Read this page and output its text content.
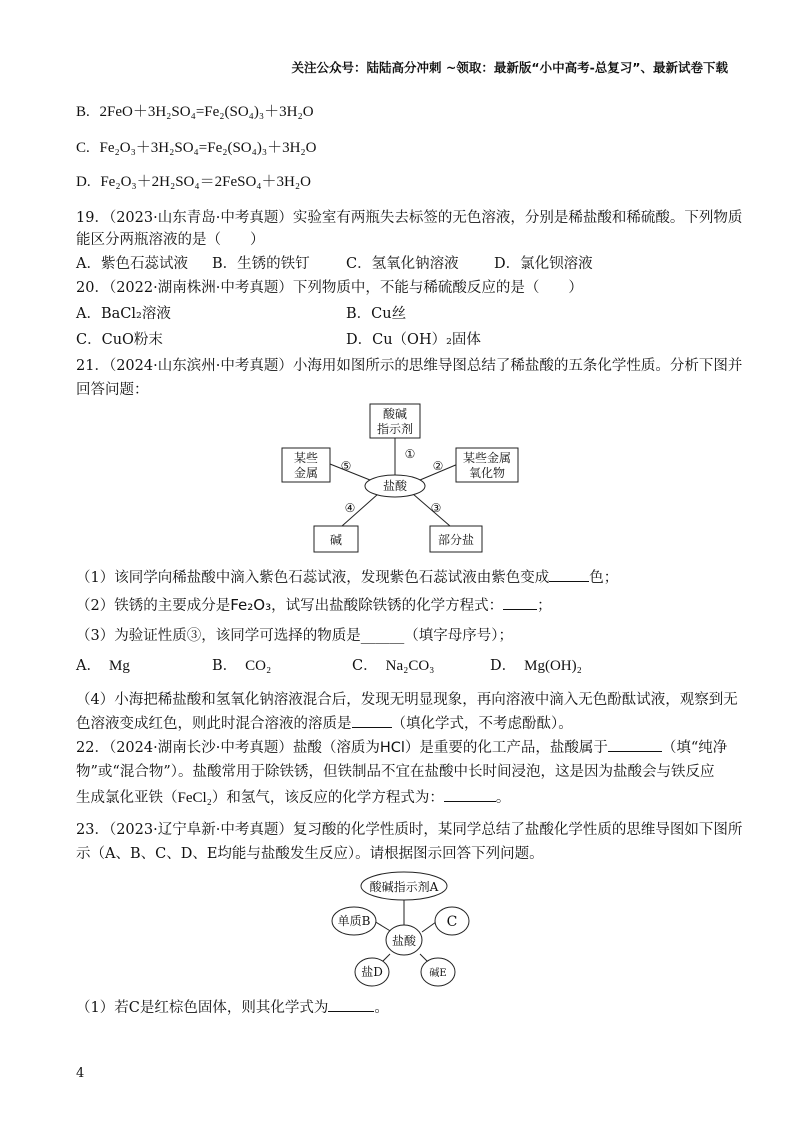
关注公众号：陆陆高分冲刺 ~领取：最新版“小中高考-总复习”、最新试卷下载
B. 2FeO＋3H₂SO₄=Fe₂(SO₄)₃＋3H₂O
C. Fe₂O₃＋3H₂SO₄=Fe₂(SO₄)₃＋3H₂O
D. Fe₂O₃＋2H₂SO₄＝2FeSO₄＋3H₂O
19．（2023·山东青岛·中考真题）实验室有两瓶失去标签的无色溶液，分别是稀盐酸和稀硫酸。下列物质
能区分两瓶溶液的是（　　）
A．紫色石蕊试液 B．生锈的铁钉	C．氢氧化钠溶液 D．氯化钡溶液
20．（2022·湖南株洲·中考真题）下列物质中，不能与稀硫酸反应的是（　　）
A．BaCl₂溶液	B．Cu丝
C．CuO粉末	D．Cu（OH）₂固体
21．（2024·山东滨州·中考真题）小海用如图所示的思维导图总结了稀盐酸的五条化学性质。分析下图并
回答问题：
酸碱
指示剂
某些
金属
某些金属
氧化物
盐酸
碱	部分盐
①
②
③
④
⑤
（1）该同学向稀盐酸中滴入紫色石蕊试液，发现紫色石蕊试液由紫色变成	色；
（2）铁锈的主要成分是Fe₂O₃，试写出盐酸除铁锈的化学方程式： ；
（3）为验证性质③，该同学可选择的物质是______（填字母序号）；
A． Mg	B． CO₂	C． Na₂CO₃	D． Mg(OH)₂
（4）小海把稀盐酸和氢氧化钠溶液混合后，发现无明显现象，再向溶液中滴入无色酚酞试液，观察到无
色溶液变成红色，则此时混合溶液的溶质是	（填化学式，不考虑酚酞）。
22．（2024·湖南长沙·中考真题）盐酸（溶质为HCl）是重要的化工产品，盐酸属于	（填“纯净
物”或“混合物”）。盐酸常用于除铁锈，但铁制品不宜在盐酸中长时间浸泡，这是因为盐酸会与铁反应
生成氯化亚铁（FeCl₂）和氢气，该反应的化学方程式为：	。
23．（2023·辽宁阜新·中考真题）复习酸的化学性质时，某同学总结了盐酸化学性质的思维导图如下图所
示（A、B、C、D、E均能与盐酸发生反应）。请根据图示回答下列问题。
酸碱指示剂A
单质B	C
盐酸
盐D	碱E
（1）若C是红棕色固体，则其化学式为	。
4
